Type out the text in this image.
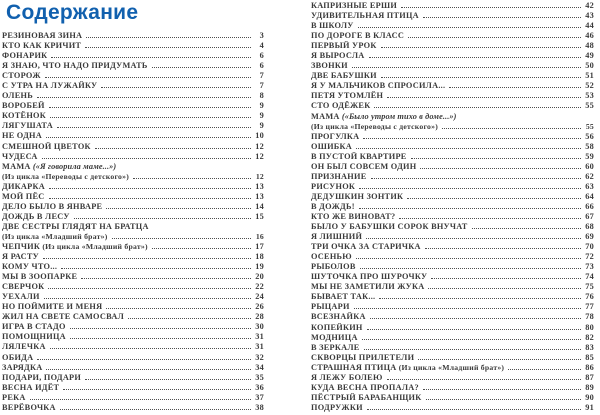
Содержание
РЕЗИНОВАЯ ЗИНА	3
КТО КАК КРИЧИТ	4
ФОНАРИК	6
Я ЗНАЮ, ЧТО НАДО ПРИДУМАТЬ	6
СТОРОЖ	7
С УТРА НА ЛУЖАЙКУ	7
ОЛЕНЬ	8
ВОРОБЕЙ	9
КОТЁНОК	9
ЛЯГУШАТА	9
НЕ ОДНА	10
СМЕШНОЙ ЦВЕТОК	12
ЧУДЕСА	12
МАМА («Я говорила маме...»)
(Из цикла «Переводы с детского»)	12
ДИКАРКА	13
МОЙ ПЁС	13
ДЕЛО БЫЛО В ЯНВАРЕ	14
ДОЖДЬ В ЛЕСУ	15
ДВЕ СЕСТРЫ ГЛЯДЯТ НА БРАТЦА
(Из цикла «Младший брат»)	16
ЧЕПЧИК (Из цикла «Младший брат»)	17
Я РАСТУ	18
КОМУ ЧТО...	19
МЫ В ЗООПАРКЕ	20
СВЕРЧОК	22
УЕХАЛИ	24
НО ПОЙМИТЕ И МЕНЯ	26
ЖИЛ НА СВЕТЕ САМОСВАЛ	28
ИГРА В СТАДО	30
ПОМОЩНИЦА	31
ЛЯЛЕЧКА	31
ОБИДА	32
ЗАРЯДКА	34
ПОДАРИ, ПОДАРИ	35
ВЕСНА ИДЁТ	36
РЕКА	37
ВЕРЁВОЧКА	38
КАПРИЗНЫЕ ЕРШИ	42
УДИВИТЕЛЬНАЯ ПТИЦА	43
В ШКОЛУ	44
ПО ДОРОГЕ В КЛАСС	46
ПЕРВЫЙ УРОК	48
Я ВЫРОСЛА	49
ЗВОНКИ	50
ДВЕ БАБУШКИ	51
Я У МАЛЬЧИКОВ СПРОСИЛА...	52
ПЕТЯ УТОМЛЁН	53
СТО ОДЁЖЕК	55
МАМА («Было утром тихо в доме...»)
(Из цикла «Переводы с детского»)	55
ПРОГУЛКА	56
ОШИБКА	58
В ПУСТОЙ КВАРТИРЕ	59
ОН БЫЛ СОВСЕМ ОДИН	60
ПРИЗНАНИЕ	62
РИСУНОК	63
ДЕДУШКИН ЗОНТИК	64
В ДОЖДЬ!	66
КТО ЖЕ ВИНОВАТ?	67
БЫЛО У БАБУШКИ СОРОК ВНУЧАТ	68
Я ЛИШНИЙ	69
ТРИ ОЧКА ЗА СТАРИЧКА	70
ОСЕНЬЮ	72
РЫБОЛОВ	73
ШУТОЧКА ПРО ШУРОЧКУ	74
МЫ НЕ ЗАМЕТИЛИ ЖУКА	75
БЫВАЕТ ТАК...	76
РЫЦАРИ	77
ВСЕЗНАЙКА	78
КОПЕЙКИН	80
МОДНИЦА	82
В ЗЕРКАЛЕ	83
СКВОРЦЫ ПРИЛЕТЕЛИ	85
СТРАШНАЯ ПТИЦА (Из цикла «Младший брат»)	86
Я ЛЕЖУ БОЛЕЮ	87
КУДА ВЕСНА ПРОПАЛА?	89
ПЁСТРЫЙ БАРАБАНЩИК	90
ПОДРУЖКИ	91
